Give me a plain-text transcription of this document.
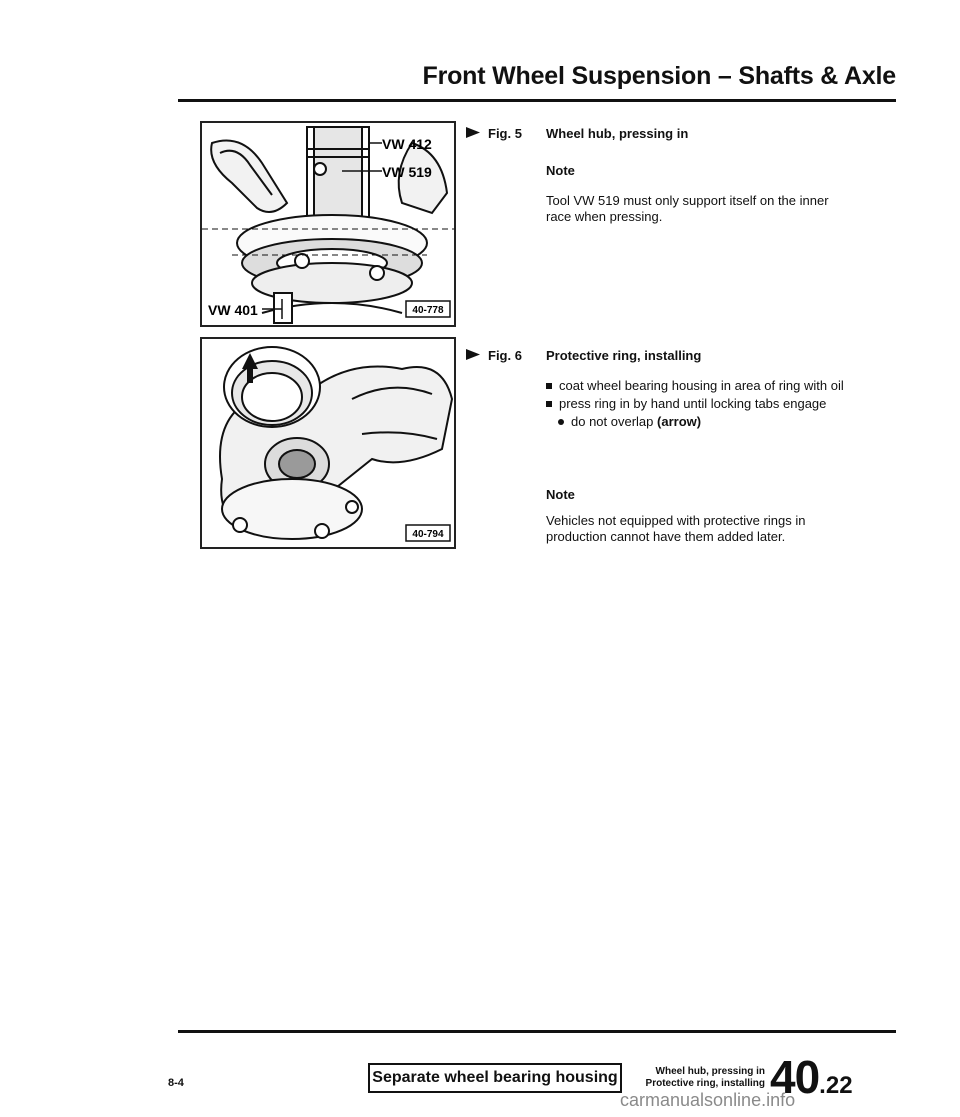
Front Wheel Suspension – Shafts & Axle
VW 412
VW 519
VW 401	40-778
Fig. 5 Wheel hub, pressing in
Note
Tool VW 519 must only support itself on the inner race when pressing.
40-794
Fig. 6 Protective ring, installing
coat wheel bearing housing in area of ring with oil
press ring in by hand until locking tabs engage
do not overlap (arrow)
Note
Vehicles not equipped with protective rings in production cannot have them added later.
8-4	Separate wheel bearing housing	Wheel hub, pressing in
Protective ring, installing 40.22
carmanualsonline.info
